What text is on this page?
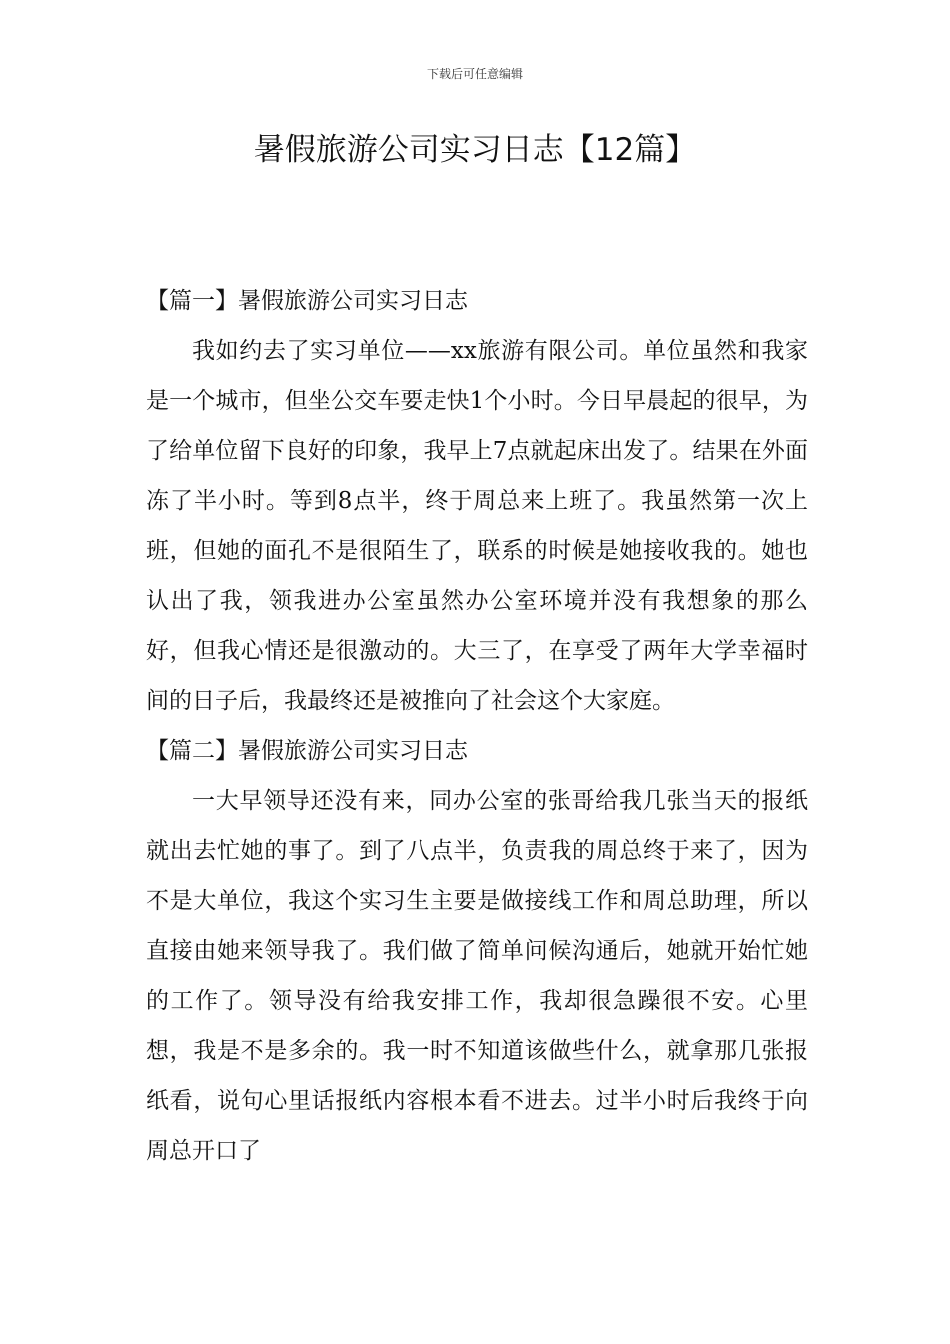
下载后可任意编辑
暑假旅游公司实习日志【12篇】
【篇一】暑假旅游公司实习日志

我如约去了实习单位——xx旅游有限公司。单位虽然和我家是一个城市，但坐公交车要走快1个小时。今日早晨起的很早，为了给单位留下良好的印象，我早上7点就起床出发了。结果在外面冻了半小时。等到8点半，终于周总来上班了。我虽然第一次上班，但她的面孔不是很陌生了，联系的时候是她接收我的。她也认出了我，领我进办公室虽然办公室环境并没有我想象的那么好，但我心情还是很激动的。大三了，在享受了两年大学幸福时间的日子后，我最终还是被推向了社会这个大家庭。

【篇二】暑假旅游公司实习日志

一大早领导还没有来，同办公室的张哥给我几张当天的报纸就出去忙她的事了。到了八点半，负责我的周总终于来了，因为不是大单位，我这个实习生主要是做接线工作和周总助理，所以直接由她来领导我了。我们做了简单问候沟通后，她就开始忙她的工作了。领导没有给我安排工作，我却很急躁很不安。心里想，我是不是多余的。我一时不知道该做些什么，就拿那几张报纸看，说句心里话报纸内容根本看不进去。过半小时后我终于向周总开口了
